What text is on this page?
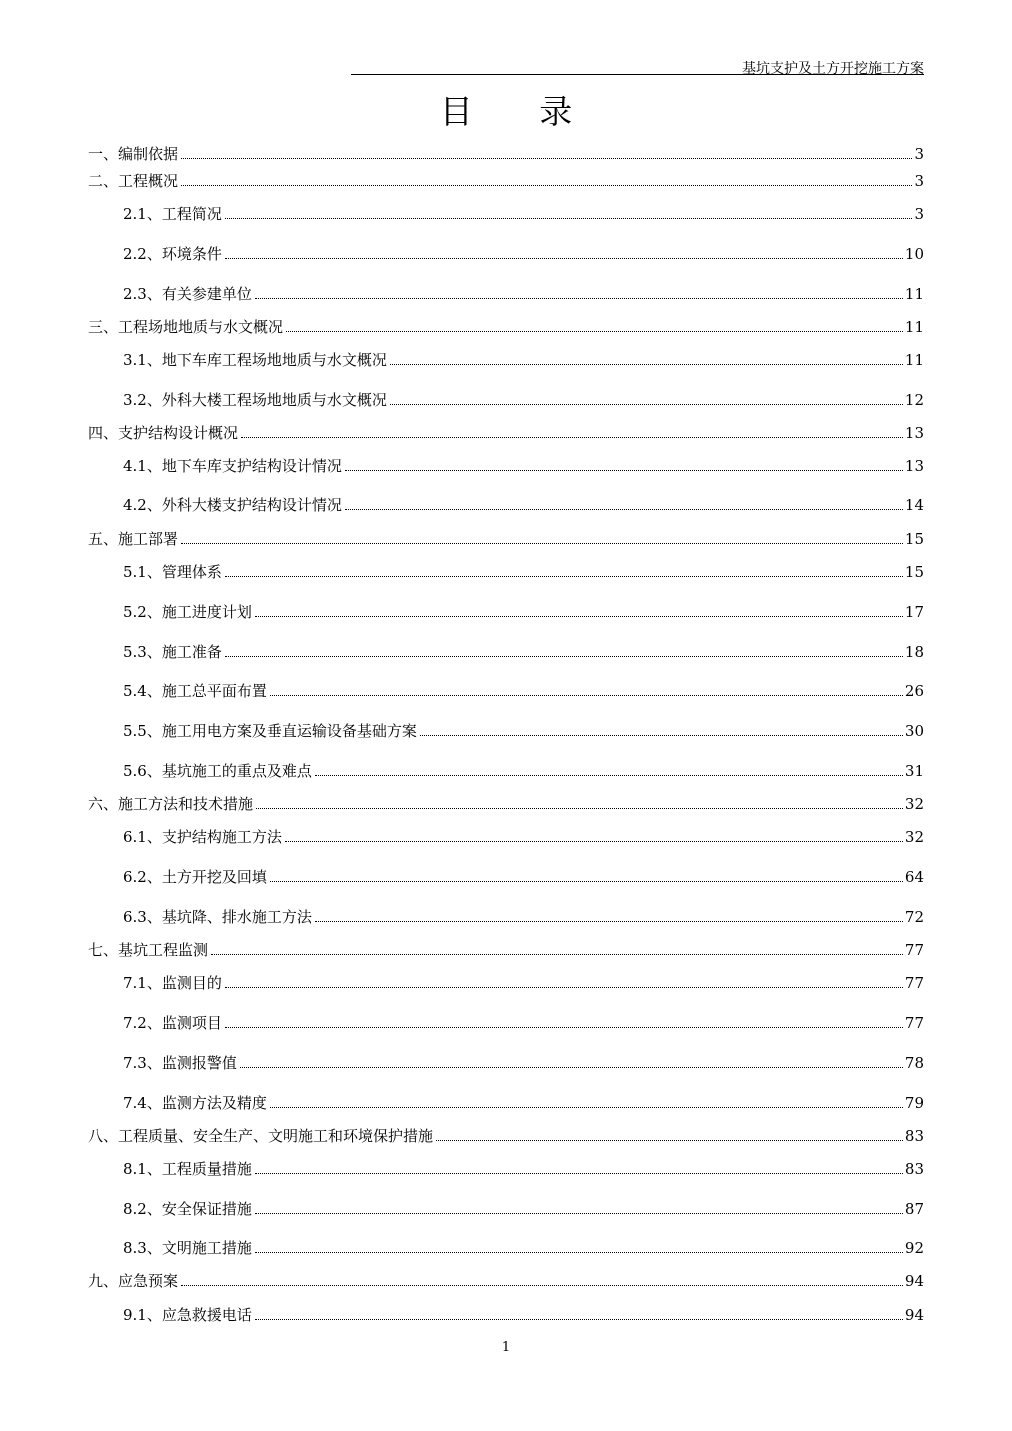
基坑支护及土方开挖施工方案
目 录
一、编制依据	3
二、工程概况	3
2.1、工程简况	3
2.2、环境条件	10
2.3、有关参建单位	11
三、工程场地地质与水文概况	11
3.1、地下车库工程场地地质与水文概况	11
3.2、外科大楼工程场地地质与水文概况	12
四、支护结构设计概况	13
4.1、地下车库支护结构设计情况	13
4.2、外科大楼支护结构设计情况	14
五、施工部署	15
5.1、管理体系	15
5.2、施工进度计划	17
5.3、施工准备	18
5.4、施工总平面布置	26
5.5、施工用电方案及垂直运输设备基础方案	30
5.6、基坑施工的重点及难点	31
六、施工方法和技术措施	32
6.1、支护结构施工方法	32
6.2、土方开挖及回填	64
6.3、基坑降、排水施工方法	72
七、基坑工程监测	77
7.1、监测目的	77
7.2、监测项目	77
7.3、监测报警值	78
7.4、监测方法及精度	79
八、工程质量、安全生产、文明施工和环境保护措施	83
8.1、工程质量措施	83
8.2、安全保证措施	87
8.3、文明施工措施	92
九、应急预案	94
9.1、应急救援电话	94
1
